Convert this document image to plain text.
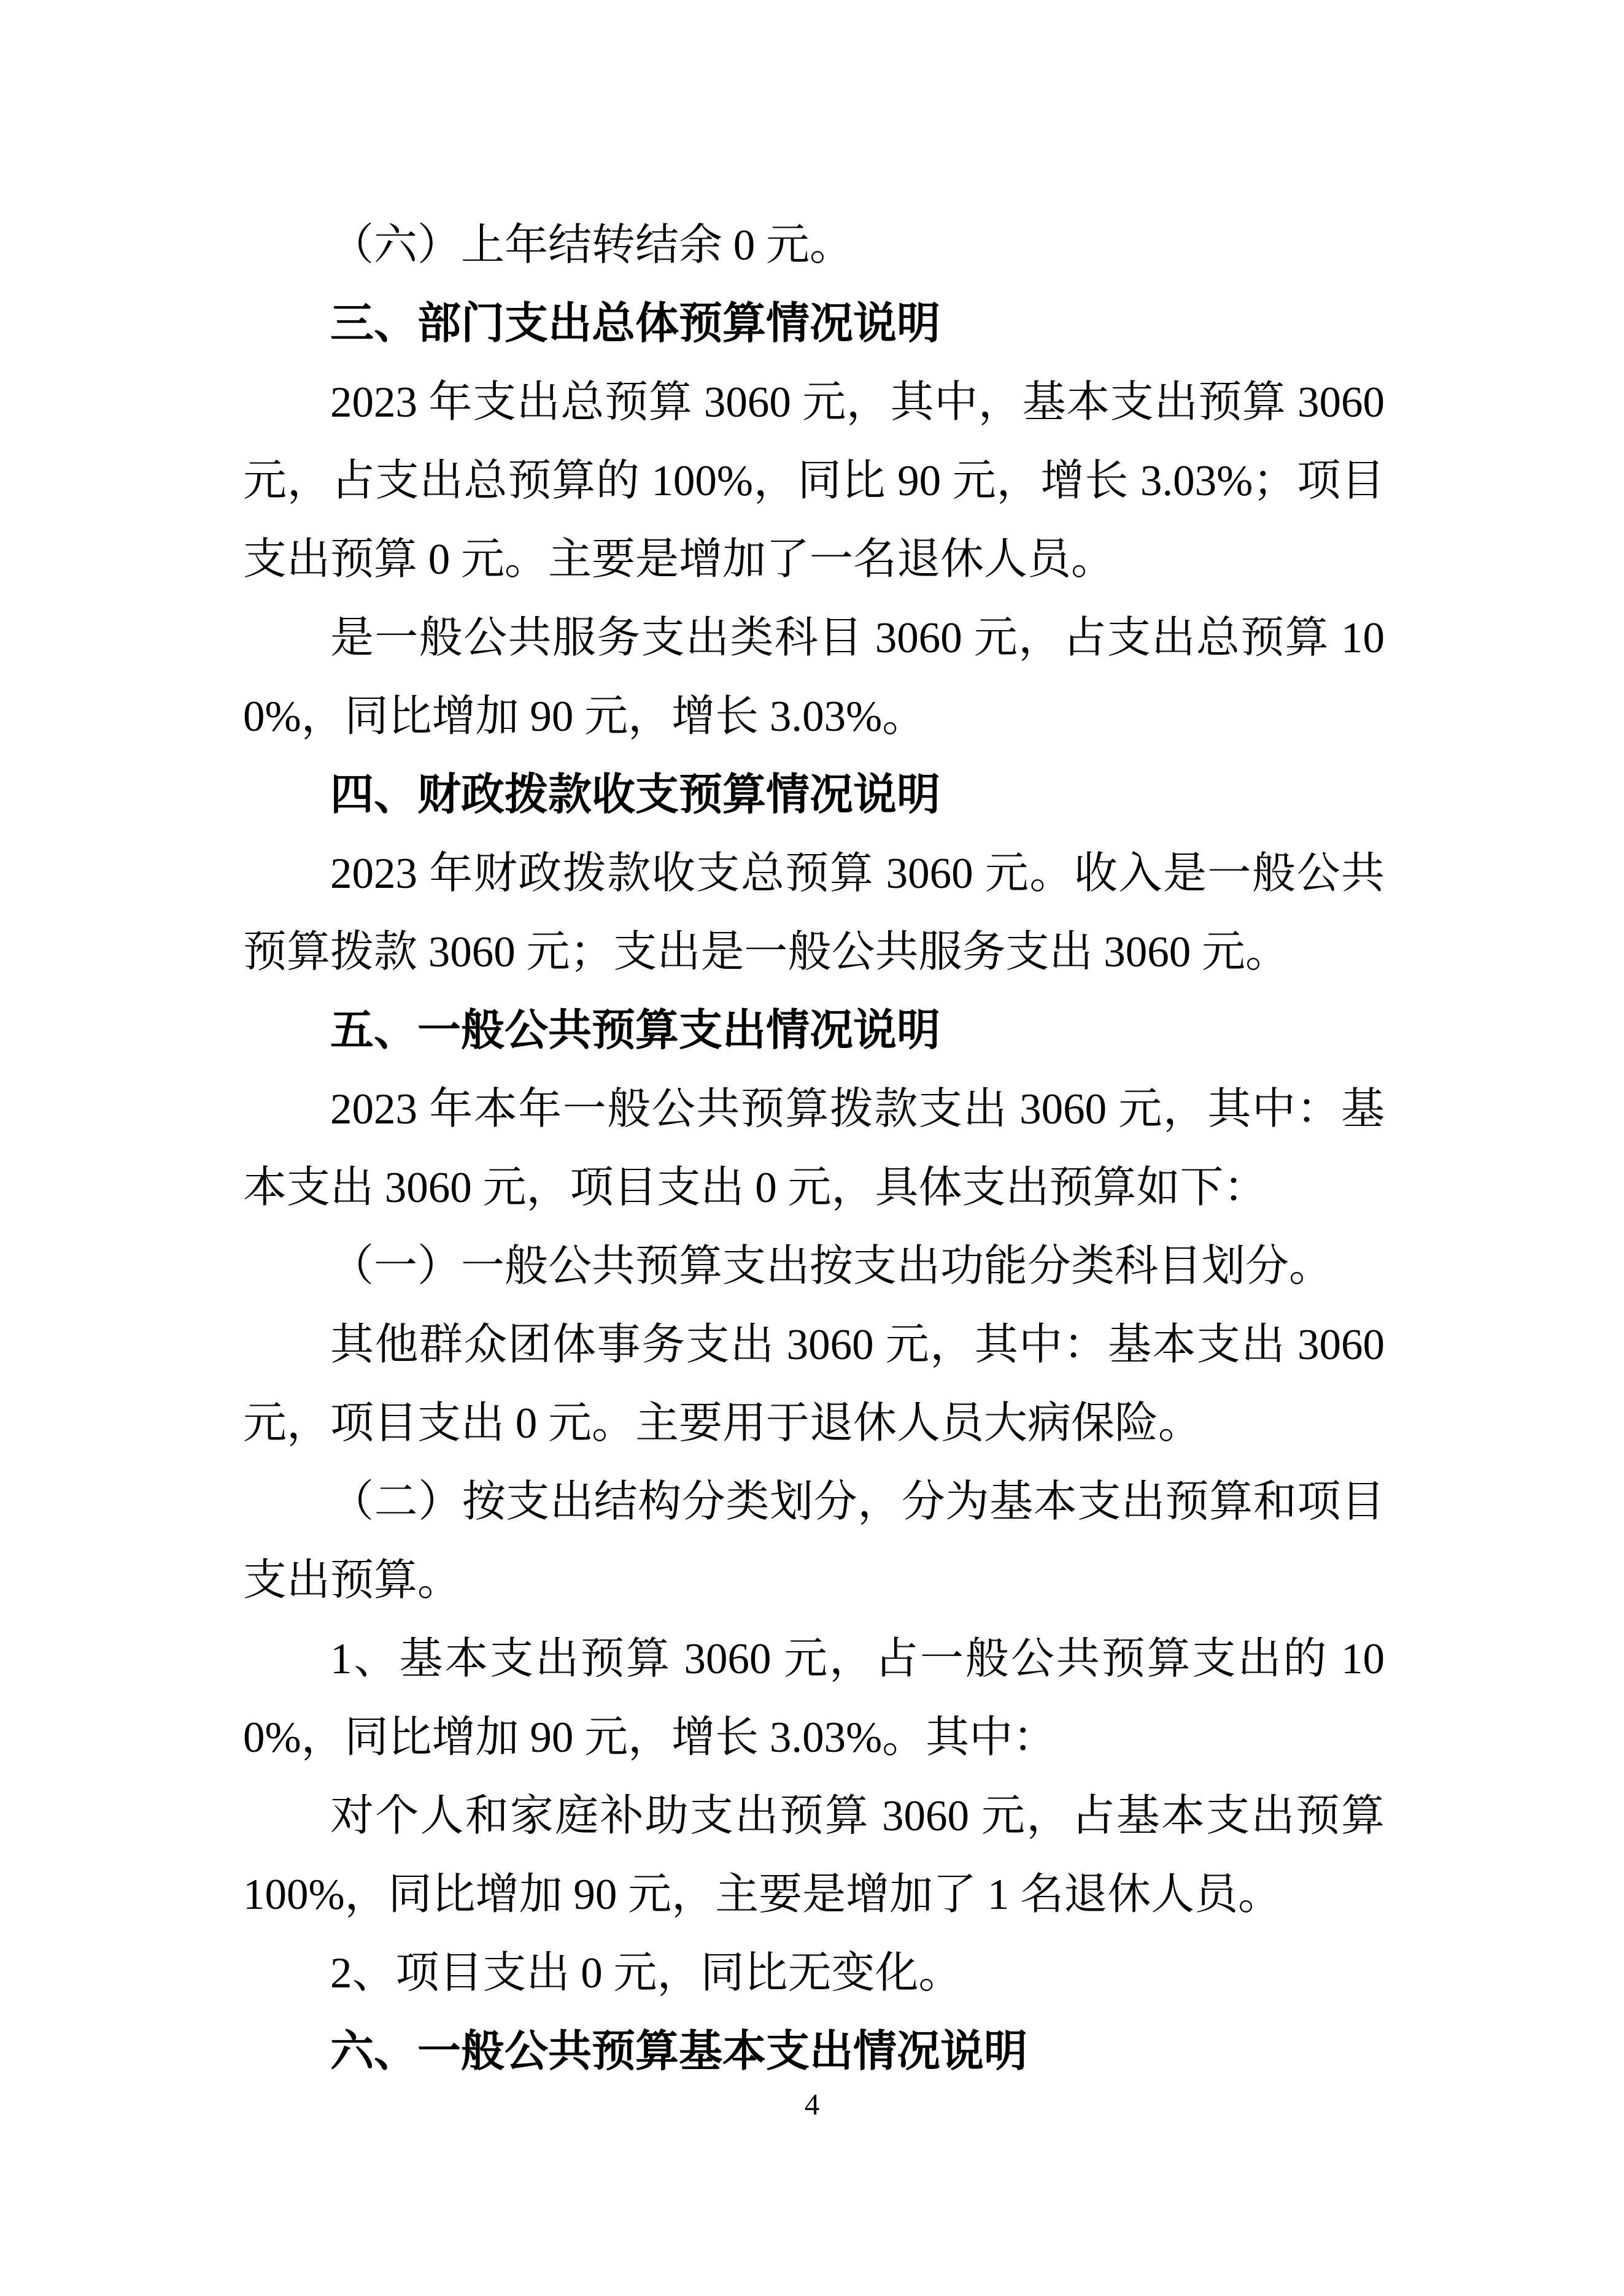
（六）上年结转结余 0 元。

三、部门支出总体预算情况说明

2023 年支出总预算 3060 元，其中，基本支出预算 3060 元，占支出总预算的 100%，同比 90 元，增长 3.03%；项目支出预算 0 元。主要是增加了一名退休人员。

是一般公共服务支出类科目 3060 元，占支出总预算 100%，同比增加 90 元，增长 3.03%。

四、财政拨款收支预算情况说明

2023 年财政拨款收支总预算 3060 元。收入是一般公共预算拨款 3060 元；支出是一般公共服务支出 3060 元。

五、一般公共预算支出情况说明

2023 年本年一般公共预算拨款支出 3060 元，其中：基本支出 3060 元，项目支出 0 元，具体支出预算如下：

（一）一般公共预算支出按支出功能分类科目划分。

其他群众团体事务支出 3060 元，其中：基本支出 3060 元，项目支出 0 元。主要用于退休人员大病保险。

（二）按支出结构分类划分，分为基本支出预算和项目支出预算。

1、基本支出预算 3060 元，占一般公共预算支出的 100%，同比增加 90 元，增长 3.03%。其中：

对个人和家庭补助支出预算 3060 元，占基本支出预算 100%，同比增加 90 元，主要是增加了 1 名退休人员。

2、项目支出 0 元，同比无变化。

六、一般公共预算基本支出情况说明

4
